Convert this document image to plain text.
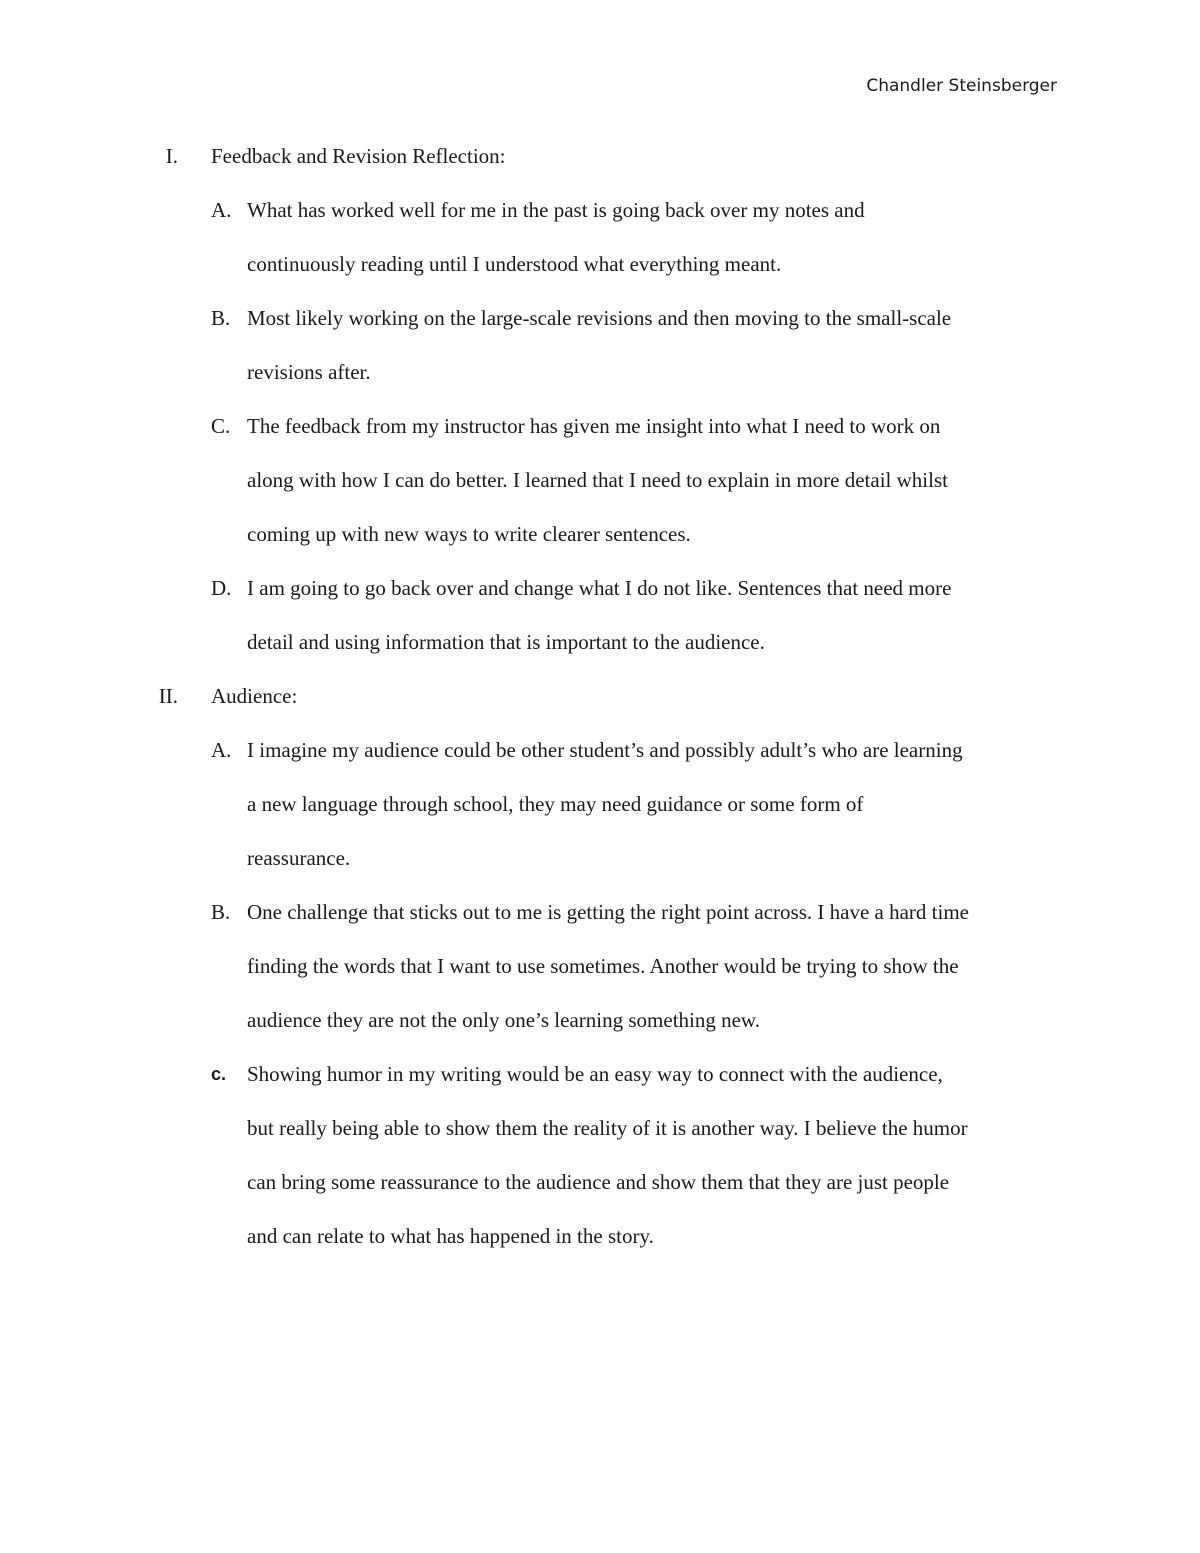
Chandler Steinsberger
I. Feedback and Revision Reflection:
A. What has worked well for me in the past is going back over my notes and
continuously reading until I understood what everything meant.
B. Most likely working on the large-scale revisions and then moving to the small-scale
revisions after.
C. The feedback from my instructor has given me insight into what I need to work on
along with how I can do better. I learned that I need to explain in more detail whilst
coming up with new ways to write clearer sentences.
D. I am going to go back over and change what I do not like. Sentences that need more
detail and using information that is important to the audience.
II. Audience:
A. I imagine my audience could be other student’s and possibly adult’s who are learning
a new language through school, they may need guidance or some form of
reassurance.
B. One challenge that sticks out to me is getting the right point across. I have a hard time
finding the words that I want to use sometimes. Another would be trying to show the
audience they are not the only one’s learning something new.
c. Showing humor in my writing would be an easy way to connect with the audience,
but really being able to show them the reality of it is another way. I believe the humor
can bring some reassurance to the audience and show them that they are just people
and can relate to what has happened in the story.
